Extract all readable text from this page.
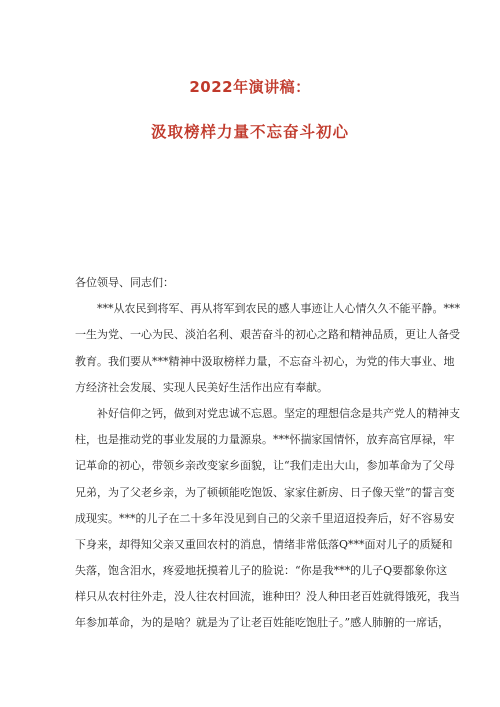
2022年演讲稿：
汲取榜样力量不忘奋斗初心
各位领导、同志们：
***从农民到将军、再从将军到农民的感人事迹让人心情久久不能平静。***
一生为党、一心为民、淡泊名利、艰苦奋斗的初心之路和精神品质，更让人备受
教育。我们要从***精神中汲取榜样力量，不忘奋斗初心，为党的伟大事业、地
方经济社会发展、实现人民美好生活作出应有奉献。
补好信仰之钙，做到对党忠诚不忘恩。坚定的理想信念是共产党人的精神支
柱，也是推动党的事业发展的力量源泉。***怀揣家国情怀，放弃高官厚禄，牢
记革命的初心，带领乡亲改变家乡面貌，让“我们走出大山，参加革命为了父母
兄弟，为了父老乡亲，为了顿顿能吃饱饭、家家住新房、日子像天堂”的誓言变
成现实。***的儿子在二十多年没见到自己的父亲千里迢迢投奔后，好不容易安
下身来，却得知父亲又重回农村的消息，情绪非常低落Q***面对儿子的质疑和
失落，饱含泪水，疼爱地抚摸着儿子的脸说：“你是我***的儿子Q要都象你这
样只从农村往外走，没人往农村回流，谁种田？没人种田老百姓就得饿死，我当
年参加革命，为的是啥？就是为了让老百姓能吃饱肚子。”感人肺腑的一席话，
